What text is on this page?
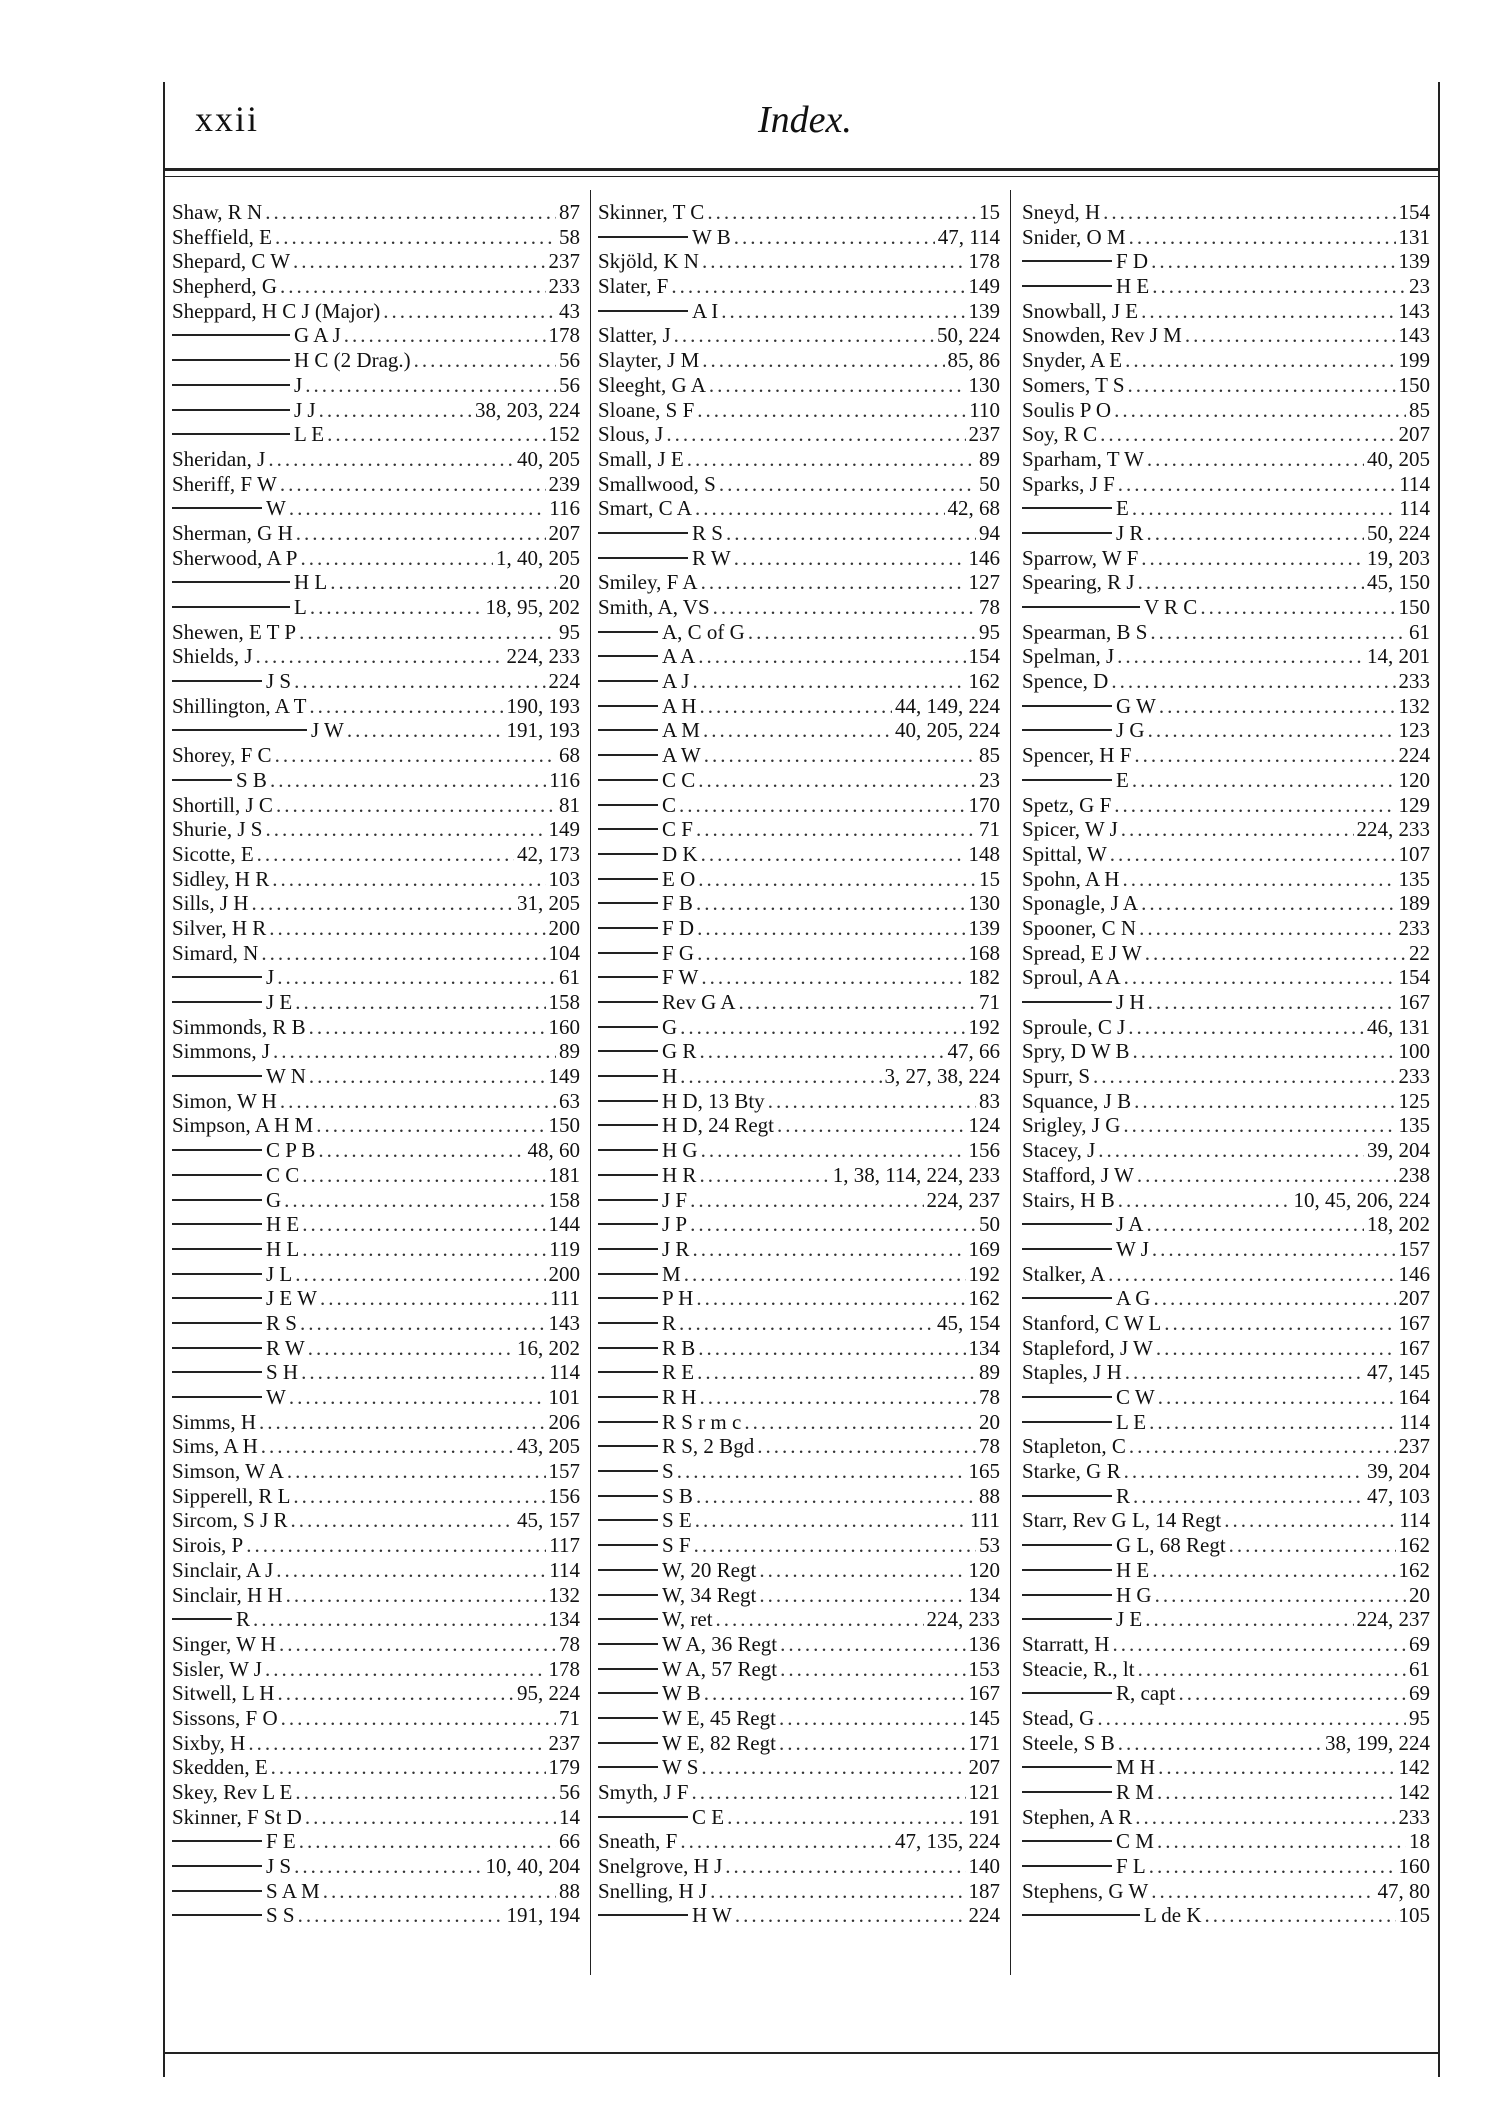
xxii	Index.
Shaw, R N .....	87
Sheffield, E .....	58
Shepard, C W .....	237
Shepherd, G .....	233
Sheppard, H C J (Major) .....	43
G A J .....	178
H C (2 Drag.) .....	56
J .....	56
J J .....	38, 203, 224
L E .....	152
Sheridan, J .....	40, 205
Sheriff, F W .....	239
W .....	116
Sherman, G H .....	207
Sherwood, A P .....	1, 40, 205
H L .....	20
L .....	18, 95, 202
Shewen, E T P .....	95
Shields, J .....	224, 233
J S .....	224
Shillington, A T .....	190, 193
J W .....	191, 193
Shorey, F C .....	68
S B .....	116
Shortill, J C .....	81
Shurie, J S .....	149
Sicotte, E .....	42, 173
Sidley, H R .....	103
Sills, J H .....	31, 205
Silver, H R .....	200
Simard, N .....	104
J .....	61
J E .....	158
Simmonds, R B .....	160
Simmons, J .....	89
W N .....	149
Simon, W H .....	63
Simpson, A H M .....	150
C P B .....	48, 60
C C .....	181
G .....	158
H E .....	144
H L .....	119
J L .....	200
J E W .....	111
R S .....	143
R W .....	16, 202
S H .....	114
W .....	101
Simms, H .....	206
Sims, A H .....	43, 205
Simson, W A .....	157
Sipperell, R L .....	156
Sircom, S J R .....	45, 157
Sirois, P .....	117
Sinclair, A J .....	114
Sinclair, H H .....	132
R .....	134
Singer, W H .....	78
Sisler, W J .....	178
Sitwell, L H .....	95, 224
Sissons, F O .....	71
Sixby, H .....	237
Skedden, E .....	179
Skey, Rev L E .....	56
Skinner, F St D .....	14
F E .....	66
J S .....	10, 40, 204
S A M .....	88
S S .....	191, 194
Skinner, T C .....	15
W B .....	47, 114
Skjöld, K N .....	178
Slater, F .....	149
A I .....	139
Slatter, J .....	50, 224
Slayter, J M .....	85, 86
Sleeght, G A .....	130
Sloane, S F .....	110
Slous, J .....	237
Small, J E .....	89
Smallwood, S .....	50
Smart, C A .....	42, 68
R S .....	94
R W .....	146
Smiley, F A .....	127
Smith, A, VS .....	78
A, C of G .....	95
A A .....	154
A J .....	162
A H .....	44, 149, 224
A M .....	40, 205, 224
A W .....	85
C C .....	23
C .....	170
C F .....	71
D K .....	148
E O .....	15
F B .....	130
F D .....	139
F G .....	168
F W .....	182
Rev G A .....	71
G .....	192
G R .....	47, 66
H .....	3, 27, 38, 224
H D, 13 Bty .....	83
H D, 24 Regt .....	124
H G .....	156
H R .....	1, 38, 114, 224, 233
J F .....	224, 237
J P .....	50
J R .....	169
M .....	192
P H .....	162
R .....	45, 154
R B .....	134
R E .....	89
R H .....	78
R S r m c .....	20
R S, 2 Bgd .....	78
S .....	165
S B .....	88
S E .....	111
S F .....	53
W, 20 Regt .....	120
W, 34 Regt .....	134
W, ret .....	224, 233
W A, 36 Regt .....	136
W A, 57 Regt .....	153
W B .....	167
W E, 45 Regt .....	145
W E, 82 Regt .....	171
W S .....	207
Smyth, J F .....	121
C E .....	191
Sneath, F .....	47, 135, 224
Snelgrove, H J .....	140
Snelling, H J .....	187
H W .....	224
Sneyd, H .....	154
Snider, O M .....	131
F D .....	139
H E .....	23
Snowball, J E .....	143
Snowden, Rev J M .....	143
Snyder, A E .....	199
Somers, T S .....	150
Soulis P O .....	85
Soy, R C .....	207
Sparham, T W .....	40, 205
Sparks, J F .....	114
E .....	114
J R .....	50, 224
Sparrow, W F .....	19, 203
Spearing, R J .....	45, 150
V R C .....	150
Spearman, B S .....	61
Spelman, J .....	14, 201
Spence, D .....	233
G W .....	132
J G .....	123
Spencer, H F .....	224
E .....	120
Spetz, G F .....	129
Spicer, W J .....	224, 233
Spittal, W .....	107
Spohn, A H .....	135
Sponagle, J A .....	189
Spooner, C N .....	233
Spread, E J W .....	22
Sproul, A A .....	154
J H .....	167
Sproule, C J .....	46, 131
Spry, D W B .....	100
Spurr, S .....	233
Squance, J B .....	125
Srigley, J G .....	135
Stacey, J .....	39, 204
Stafford, J W .....	238
Stairs, H B .....	10, 45, 206, 224
J A .....	18, 202
W J .....	157
Stalker, A .....	146
A G .....	207
Stanford, C W L .....	167
Stapleford, J W .....	167
Staples, J H .....	47, 145
C W .....	164
L E .....	114
Stapleton, C .....	237
Starke, G R .....	39, 204
R .....	47, 103
Starr, Rev G L, 14 Regt .....	114
G L, 68 Regt .....	162
H E .....	162
H G .....	20
J E .....	224, 237
Starratt, H .....	69
Steacie, R., lt .....	61
R, capt .....	69
Stead, G .....	95
Steele, S B .....	38, 199, 224
M H .....	142
R M .....	142
Stephen, A R .....	233
C M .....	18
F L .....	160
Stephens, G W .....	47, 80
L de K .....	105
